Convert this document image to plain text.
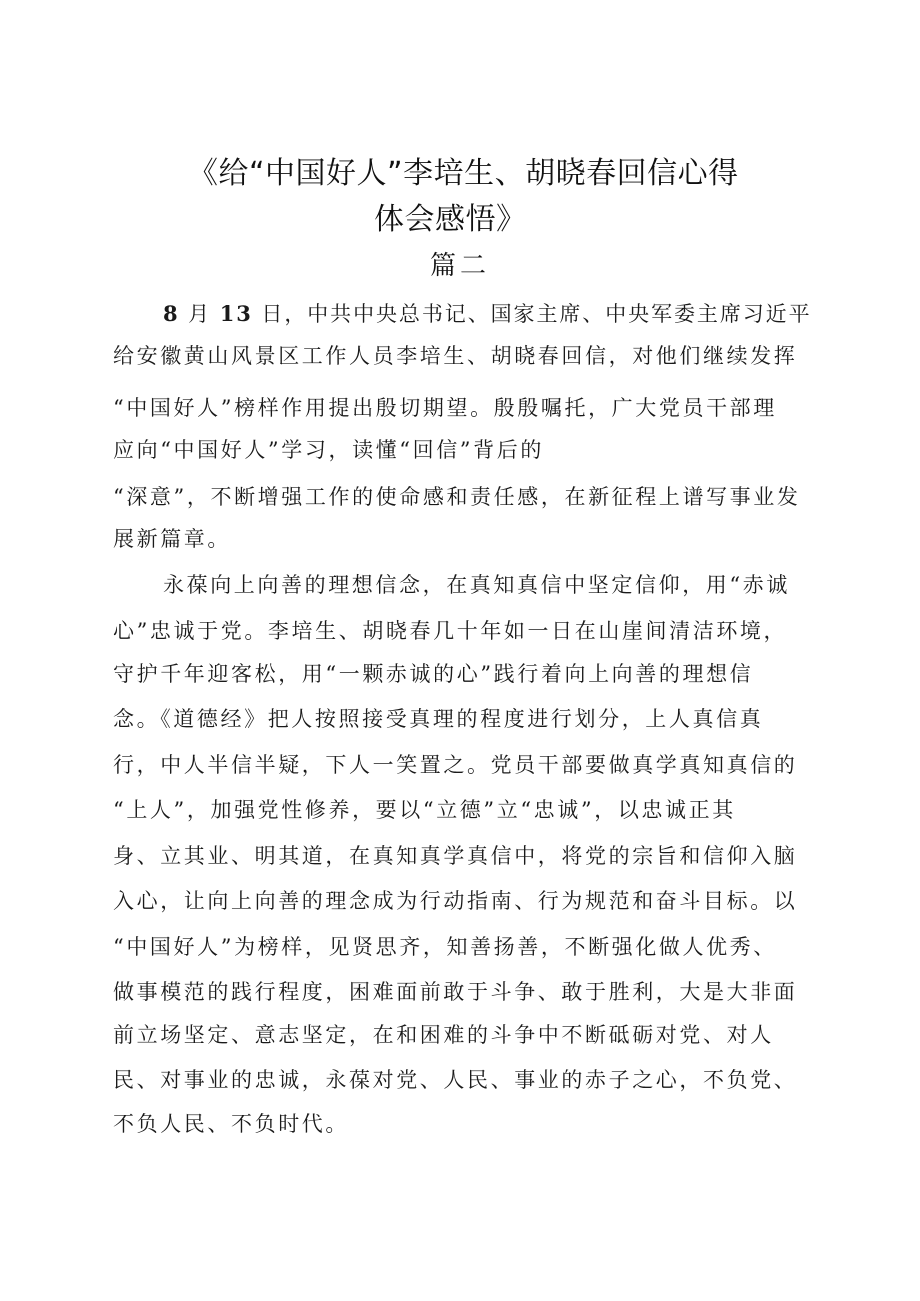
《给“中国好人”李培生、胡晓春回信心得
体会感悟》
篇二

8 月 13 日，中共中央总书记、国家主席、中央军委主席习近平

给安徽黄山风景区工作人员李培生、胡晓春回信，对他们继续发挥

“中国好人”榜样作用提出殷切期望。殷殷嘱托，广大党员干部理

应向“中国好人”学习，读懂“回信”背后的

“深意”，不断增强工作的使命感和责任感，在新征程上谱写事业发

展新篇章。

永葆向上向善的理想信念，在真知真信中坚定信仰，用“赤诚

心”忠诚于党。李培生、胡晓春几十年如一日在山崖间清洁环境，

守护千年迎客松，用“一颗赤诚的心”践行着向上向善的理想信

念。《道德经》把人按照接受真理的程度进行划分，上人真信真

行，中人半信半疑，下人一笑置之。党员干部要做真学真知真信的

“上人”，加强党性修养，要以“立德”立“忠诚”，以忠诚正其

身、立其业、明其道，在真知真学真信中，将党的宗旨和信仰入脑

入心，让向上向善的理念成为行动指南、行为规范和奋斗目标。以

“中国好人”为榜样，见贤思齐，知善扬善，不断强化做人优秀、

做事模范的践行程度，困难面前敢于斗争、敢于胜利，大是大非面

前立场坚定、意志坚定，在和困难的斗争中不断砥砺对党、对人

民、对事业的忠诚，永葆对党、人民、事业的赤子之心，不负党、

不负人民、不负时代。
